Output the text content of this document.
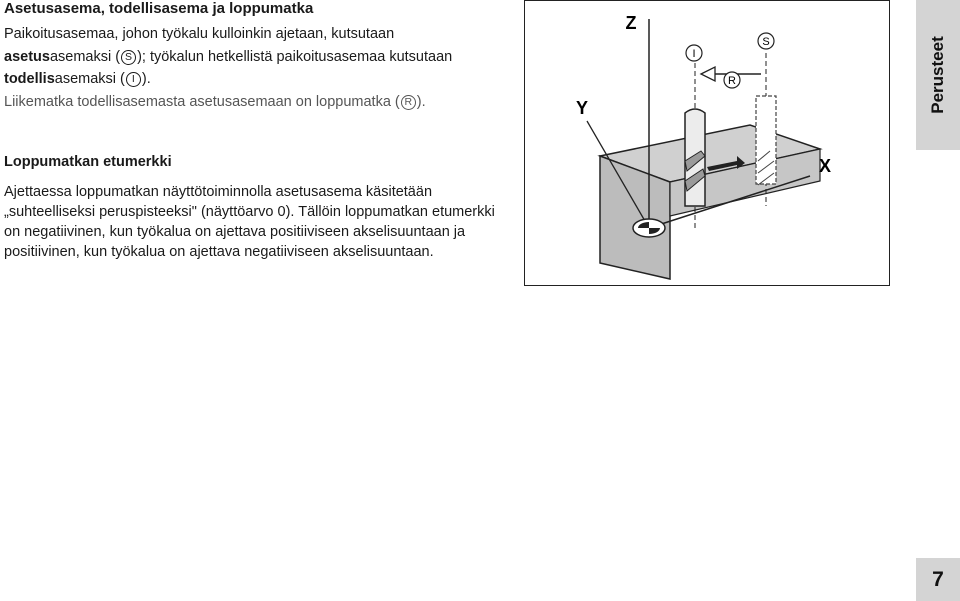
Asetusasema, todellisasema ja loppumatka

Paikoitusasemaa, johon työkalu kulloinkin ajetaan, kutsutaan

asetusasemaksi ( S ); työkalun hetkellistä paikoitusasemaa kutsutaan

todellisasemaksi ( I ).

Liikematka todellisasemasta asetusasemaan on loppumatka ( R ).

Loppumatkan etumerkki

Ajettaessa loppumatkan näyttötoiminnolla asetusasema käsitetään „suhteelliseksi peruspisteeksi" (näyttöarvo 0). Tällöin loppumatkan etumerkki on negatiivinen, kun työkalua on ajettava positiiviseen akselisuuntaan ja positiivinen, kun työkalua on ajettava negatiiviseen akselisuuntaan.

I
S
R
Z
Y
X
Perusteet
7
